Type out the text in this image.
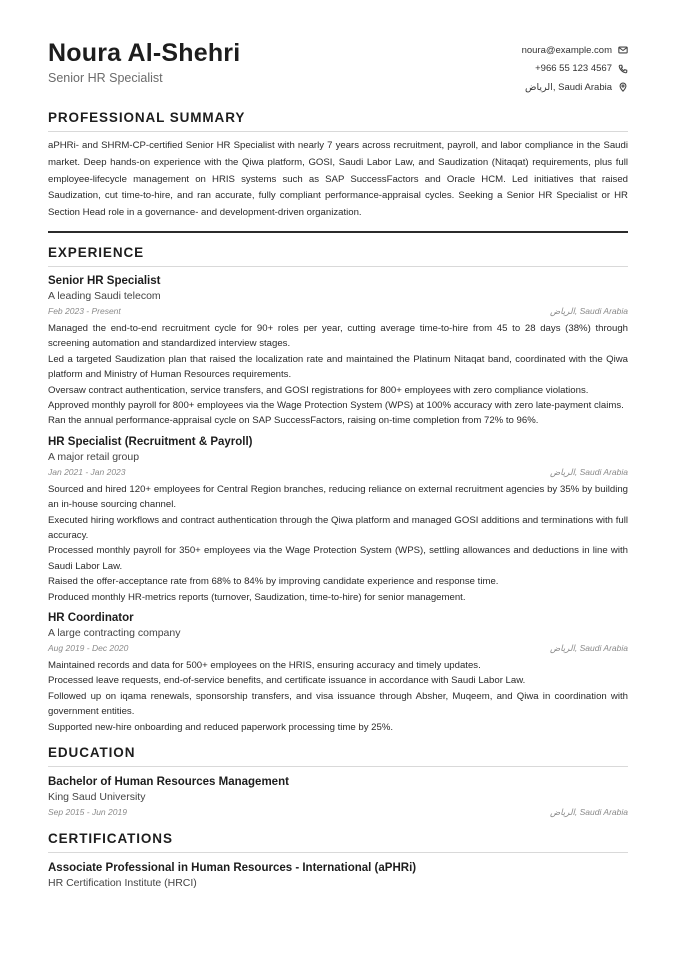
Noura Al-Shehri
Senior HR Specialist
noura@example.com
+966 55 123 4567
الرياض, Saudi Arabia
PROFESSIONAL SUMMARY

aPHRi- and SHRM-CP-certified Senior HR Specialist with nearly 7 years across recruitment, payroll, and labor compliance in the Saudi market. Deep hands-on experience with the Qiwa platform, GOSI, Saudi Labor Law, and Saudization (Nitaqat) requirements, plus full employee-lifecycle management on HRIS systems such as SAP SuccessFactors and Oracle HCM. Led initiatives that raised Saudization, cut time-to-hire, and ran accurate, fully compliant performance-appraisal cycles. Seeking a Senior HR Specialist or HR Section Head role in a governance- and development-driven organization.

EXPERIENCE
Senior HR Specialist
A leading Saudi telecom
Feb 2023 - Present	الرياض, Saudi Arabia
Managed the end-to-end recruitment cycle for 90+ roles per year, cutting average time-to-hire from 45 to 28 days (38%) through screening automation and standardized interview stages.
Led a targeted Saudization plan that raised the localization rate and maintained the Platinum Nitaqat band, coordinated with the Qiwa platform and Ministry of Human Resources requirements.
Oversaw contract authentication, service transfers, and GOSI registrations for 800+ employees with zero compliance violations.
Approved monthly payroll for 800+ employees via the Wage Protection System (WPS) at 100% accuracy with zero late-payment claims.
Ran the annual performance-appraisal cycle on SAP SuccessFactors, raising on-time completion from 72% to 96%.
HR Specialist (Recruitment & Payroll)
A major retail group
Jan 2021 - Jan 2023	الرياض, Saudi Arabia
Sourced and hired 120+ employees for Central Region branches, reducing reliance on external recruitment agencies by 35% by building an in-house sourcing channel.
Executed hiring workflows and contract authentication through the Qiwa platform and managed GOSI additions and terminations with full accuracy.
Processed monthly payroll for 350+ employees via the Wage Protection System (WPS), settling allowances and deductions in line with Saudi Labor Law.
Raised the offer-acceptance rate from 68% to 84% by improving candidate experience and response time.
Produced monthly HR-metrics reports (turnover, Saudization, time-to-hire) for senior management.
HR Coordinator
A large contracting company
Aug 2019 - Dec 2020	الرياض, Saudi Arabia
Maintained records and data for 500+ employees on the HRIS, ensuring accuracy and timely updates.
Processed leave requests, end-of-service benefits, and certificate issuance in accordance with Saudi Labor Law.
Followed up on iqama renewals, sponsorship transfers, and visa issuance through Absher, Muqeem, and Qiwa in coordination with government entities.
Supported new-hire onboarding and reduced paperwork processing time by 25%.
EDUCATION
Bachelor of Human Resources Management
King Saud University
Sep 2015 - Jun 2019	الرياض, Saudi Arabia
CERTIFICATIONS
Associate Professional in Human Resources - International (aPHRi)
HR Certification Institute (HRCI)
